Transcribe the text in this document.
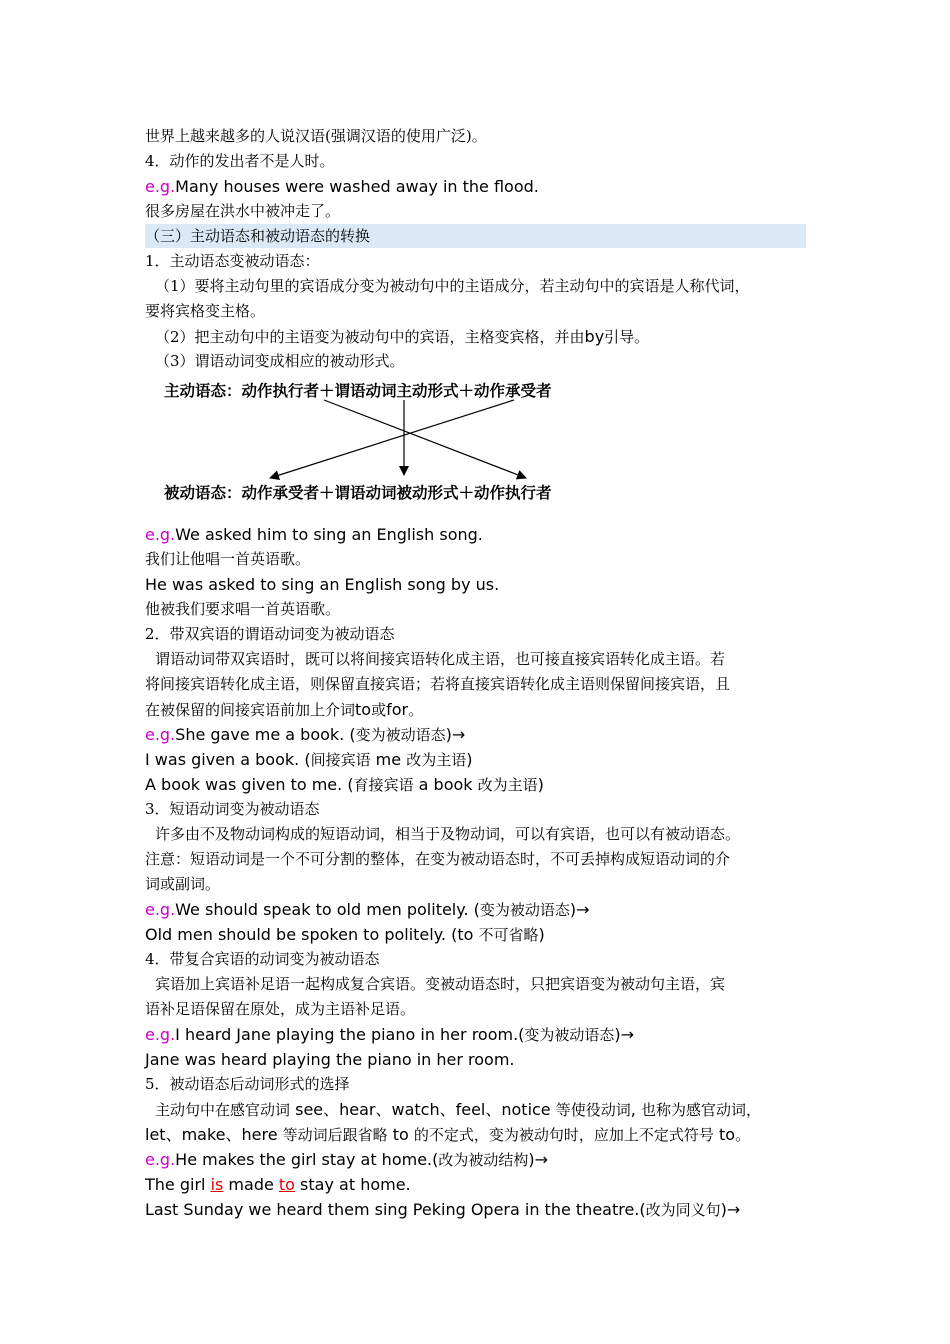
世界上越来越多的人说汉语(强调汉语的使用广泛)。
4．动作的发出者不是人时。
e.g.Many houses were washed away in the flood.
很多房屋在洪水中被冲走了。
（三）主动语态和被动语态的转换
1．主动语态变被动语态：
（1）要将主动句里的宾语成分变为被动句中的主语成分，若主动句中的宾语是人称代词，
要将宾格变主格。
（2）把主动句中的主语变为被动句中的宾语，主格变宾格，并由by引导。
（3）谓语动词变成相应的被动形式。
主动语态：动作执行者＋谓语动词主动形式＋动作承受者
被动语态：动作承受者＋谓语动词被动形式＋动作执行者
e.g.We asked him to sing an English song.
我们让他唱一首英语歌。
He was asked to sing an English song by us.
他被我们要求唱一首英语歌。
2．带双宾语的谓语动词变为被动语态
谓语动词带双宾语时，既可以将间接宾语转化成主语，也可接直接宾语转化成主语。若
将间接宾语转化成主语，则保留直接宾语；若将直接宾语转化成主语则保留间接宾语，且
在被保留的间接宾语前加上介词to或for。
e.g.She gave me a book. (变为被动语态)→
I was given a book. (间接宾语 me 改为主语)
A book was given to me. (育接宾语 a book 改为主语)
3．短语动词变为被动语态
许多由不及物动词构成的短语动词，相当于及物动词，可以有宾语，也可以有被动语态。
注意：短语动词是一个不可分割的整体，在变为被动语态时，不可丢掉构成短语动词的介
词或副词。
e.g.We should speak to old men politely. (变为被动语态)→
Old men should be spoken to politely. (to 不可省略)
4．带复合宾语的动词变为被动语态
宾语加上宾语补足语一起构成复合宾语。变被动语态时，只把宾语变为被动句主语，宾
语补足语保留在原处，成为主语补足语。
e.g.I heard Jane playing the piano in her room.(变为被动语态)→
Jane was heard playing the piano in her room.
5．被动语态后动词形式的选择
主动句中在感官动词 see、hear、watch、feel、notice 等使役动词, 也称为感官动词，
let、make、here 等动词后跟省略 to 的不定式，变为被动句时，应加上不定式符号 to。
e.g.He makes the girl stay at home.(改为被动结构)→
The girl is made to stay at home.
Last Sunday we heard them sing Peking Opera in the theatre.(改为同义句)→
